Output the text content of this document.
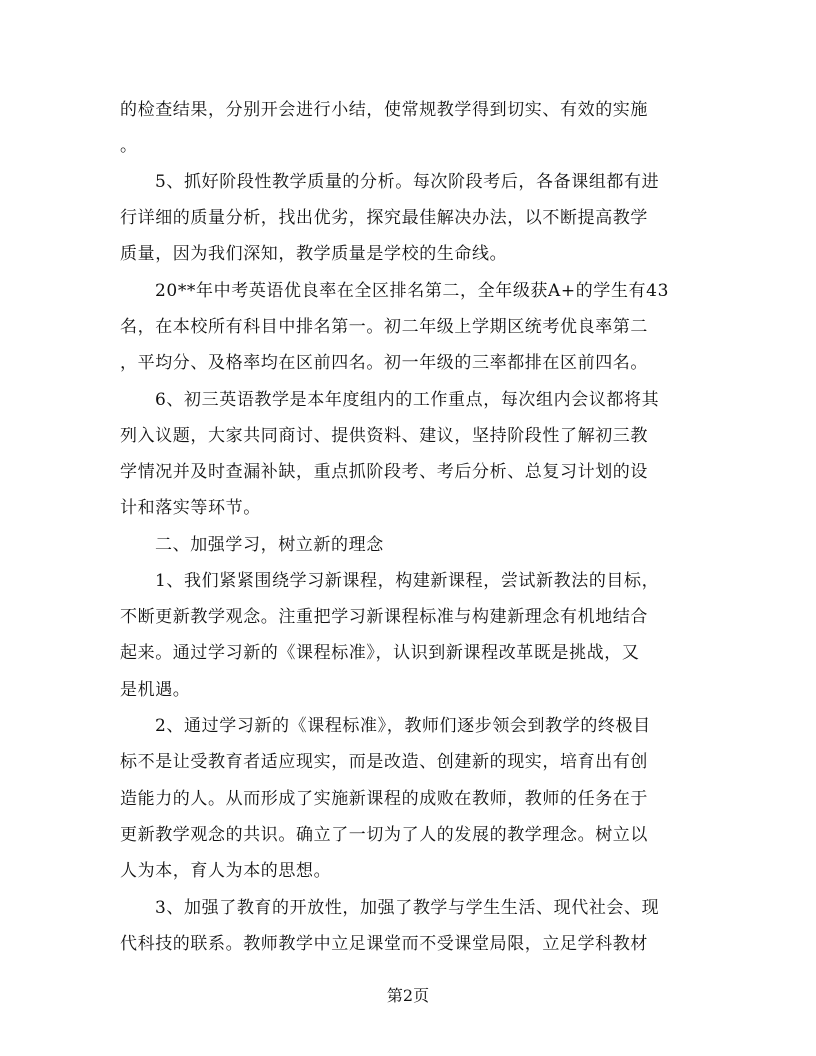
的检查结果，分别开会进行小结，使常规教学得到切实、有效的实施
。
5、抓好阶段性教学质量的分析。每次阶段考后，各备课组都有进
行详细的质量分析，找出优劣，探究最佳解决办法，以不断提高教学
质量，因为我们深知，教学质量是学校的生命线。
20**年中考英语优良率在全区排名第二，全年级获A+的学生有43
名，在本校所有科目中排名第一。初二年级上学期区统考优良率第二
，平均分、及格率均在区前四名。初一年级的三率都排在区前四名。
6、初三英语教学是本年度组内的工作重点，每次组内会议都将其
列入议题，大家共同商讨、提供资料、建议，坚持阶段性了解初三教
学情况并及时查漏补缺，重点抓阶段考、考后分析、总复习计划的设
计和落实等环节。
二、加强学习，树立新的理念
1、我们紧紧围绕学习新课程，构建新课程，尝试新教法的目标，
不断更新教学观念。注重把学习新课程标准与构建新理念有机地结合
起来。通过学习新的《课程标准》，认识到新课程改革既是挑战，又
是机遇。
2、通过学习新的《课程标准》，教师们逐步领会到教学的终极目
标不是让受教育者适应现实，而是改造、创建新的现实，培育出有创
造能力的人。从而形成了实施新课程的成败在教师，教师的任务在于
更新教学观念的共识。确立了一切为了人的发展的教学理念。树立以
人为本，育人为本的思想。
3、加强了教育的开放性，加强了教学与学生生活、现代社会、现
代科技的联系。教师教学中立足课堂而不受课堂局限，立足学科教材
第2页
